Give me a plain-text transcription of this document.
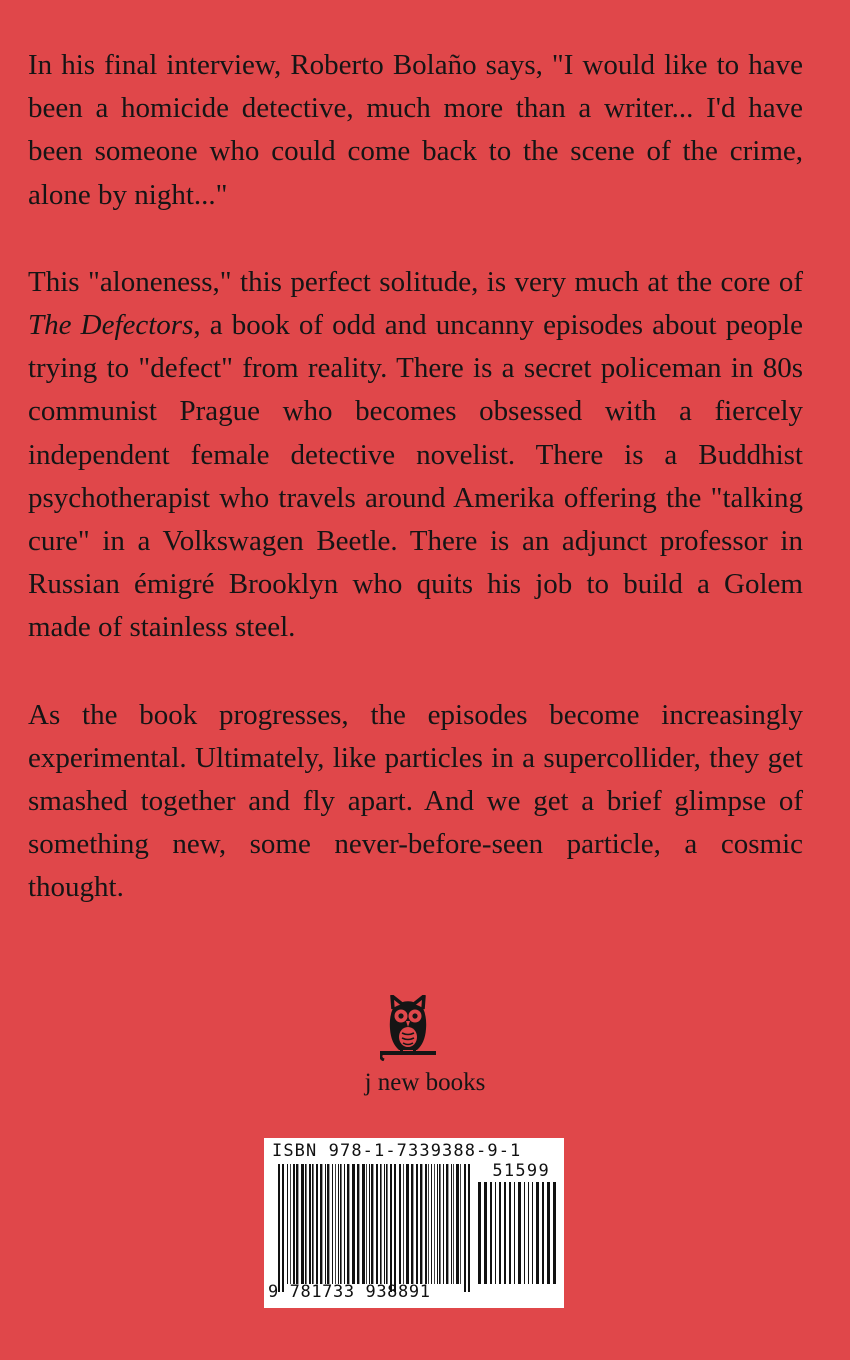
In his final interview, Roberto Bolaño says, "I would like to have been a homicide detective, much more than a writer... I'd have been someone who could come back to the scene of the crime, alone by night..."

This "aloneness," this perfect solitude, is very much at the core of The Defectors, a book of odd and uncanny episodes about people trying to "defect" from reality. There is a secret policeman in 80s communist Prague who becomes obsessed with a fiercely independent female detective novelist. There is a Buddhist psychotherapist who travels around Amerika offering the "talking cure" in a Volkswagen Beetle. There is an adjunct professor in Russian émigré Brooklyn who quits his job to build a Golem made of stainless steel.

As the book progresses, the episodes become increasingly experimental. Ultimately, like particles in a supercollider, they get smashed together and fly apart. And we get a brief glimpse of something new, some never-before-seen particle, a cosmic thought.

j new books
ISBN 978-1-7339388-9-1
51599
9 781733 938891
